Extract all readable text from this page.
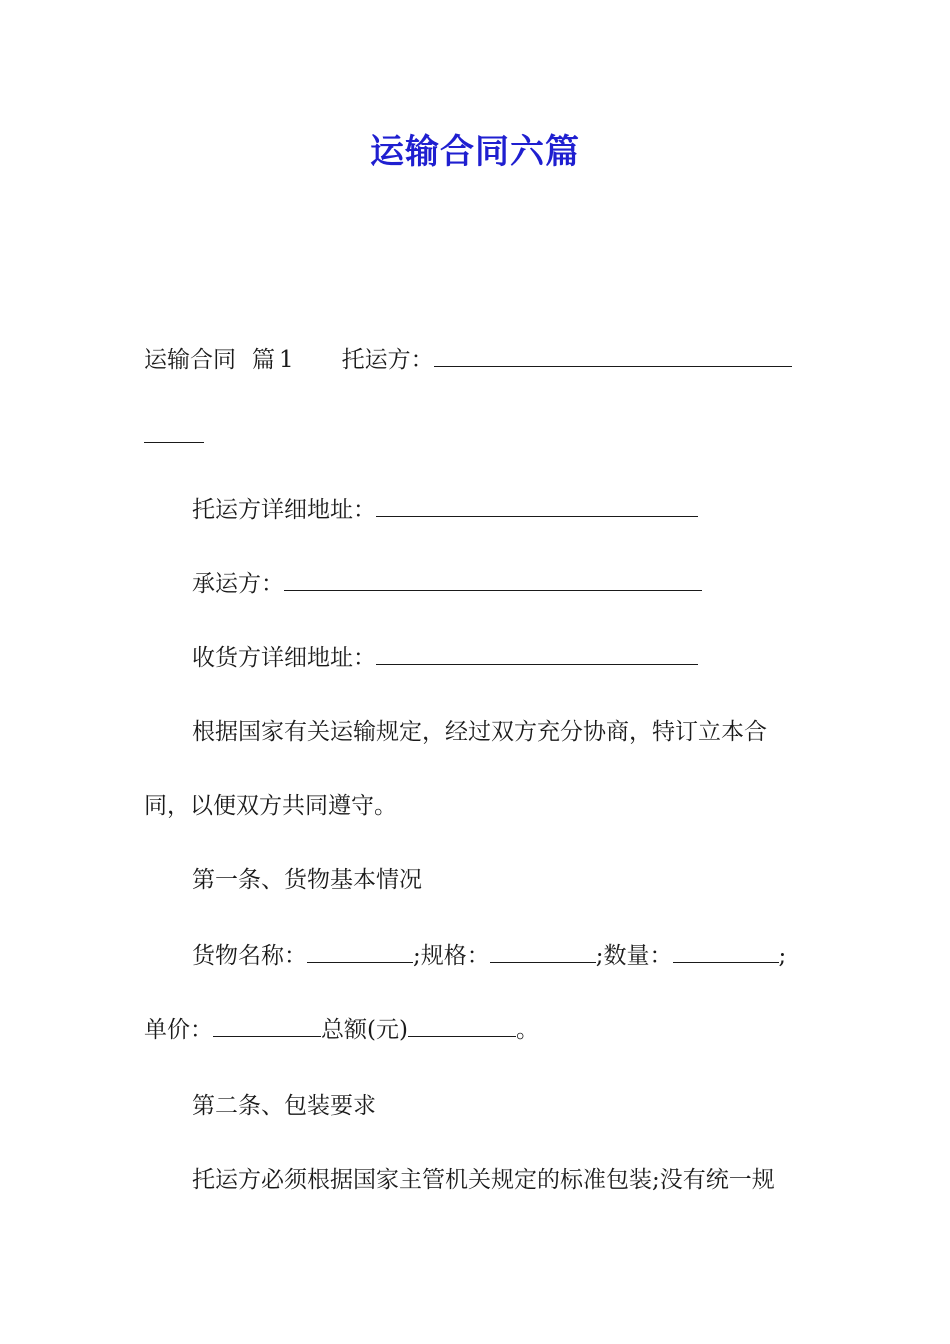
运输合同六篇
运输合同 篇 1 托运方：
托运方详细地址：
承运方：
收货方详细地址：
根据国家有关运输规定，经过双方充分协商，特订立本合
同，以便双方共同遵守。
第一条、货物基本情况
货物名称：	;规格：	;数量：	;
单价：	总额(元)	。
第二条、包装要求
托运方必须根据国家主管机关规定的标准包装;没有统一规
